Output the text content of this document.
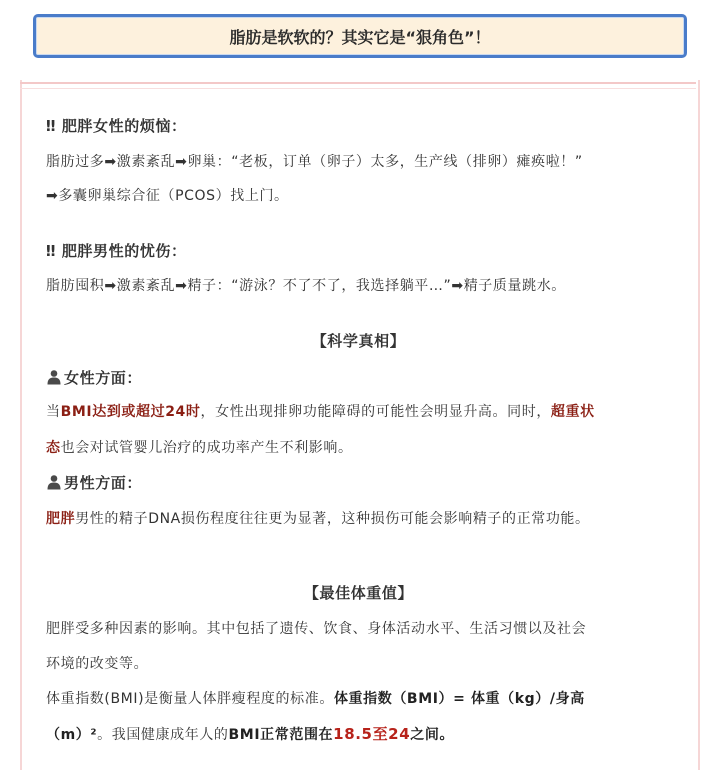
脂肪是软软的？其实它是“狠角色”！
‼ 肥胖女性的烦恼：
脂肪过多➡激素紊乱➡卵巢：“老板，订单（卵子）太多，生产线（排卵）瘫痪啦！”
➡多囊卵巢综合征（PCOS）找上门。
‼ 肥胖男性的忧伤：
脂肪囤积➡激素紊乱➡精子：“游泳？不了不了，我选择躺平…”➡精子质量跳水。
【科学真相】
女性方面：
当BMI达到或超过24时，女性出现排卵功能障碍的可能性会明显升高。同时，超重状
态也会对试管婴儿治疗的成功率产生不利影响。
男性方面：
肥胖男性的精子DNA损伤程度往往更为显著，这种损伤可能会影响精子的正常功能。
【最佳体重值】
肥胖受多种因素的影响。其中包括了遗传、饮食、身体活动水平、生活习惯以及社会
环境的改变等。
体重指数(BMI)是衡量人体胖瘦程度的标准。体重指数（BMI）= 体重（kg）/身高
（m）²。我国健康成年人的BMI正常范围在18.5至24之间。
